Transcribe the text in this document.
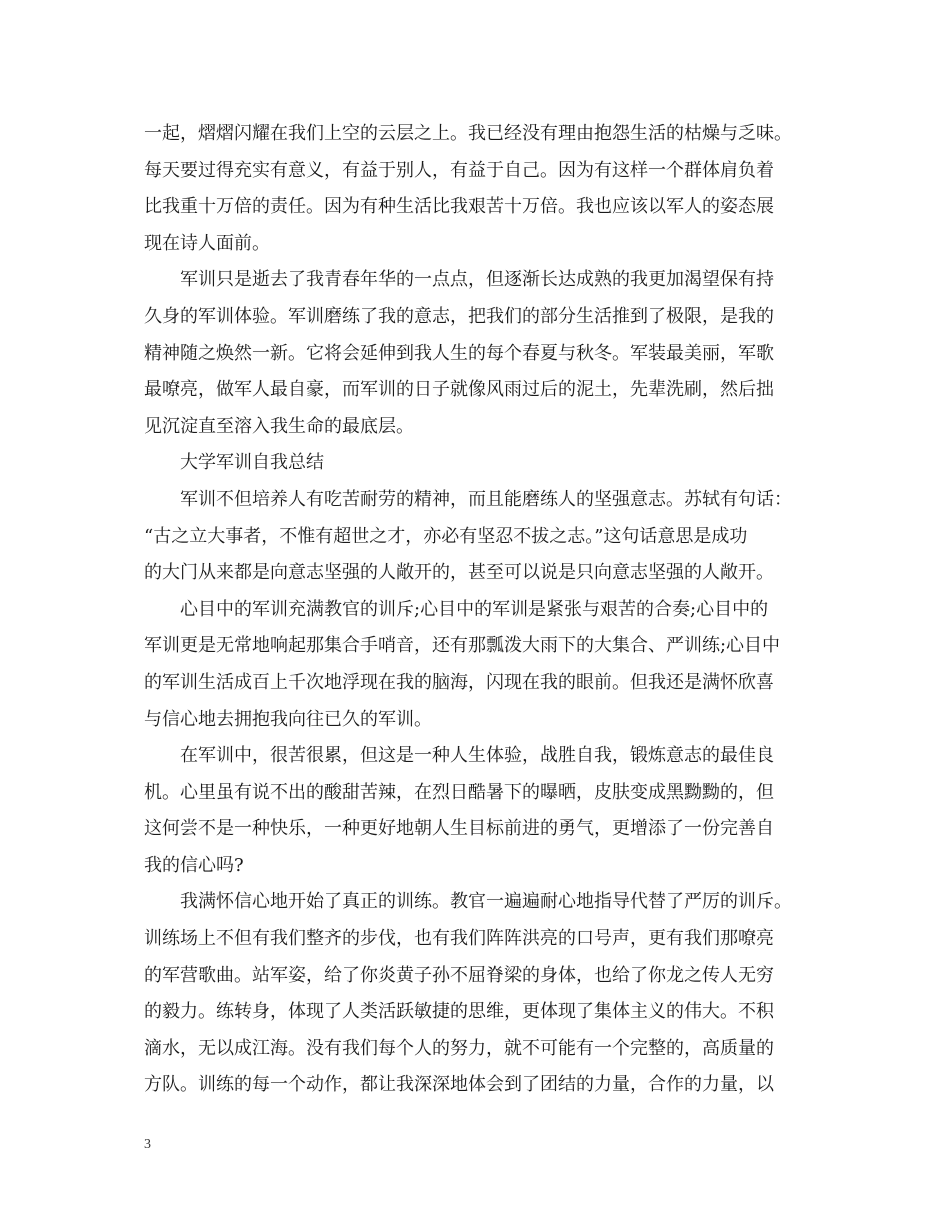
一起，熠熠闪耀在我们上空的云层之上。我已经没有理由抱怨生活的枯燥与乏味。
每天要过得充实有意义，有益于别人，有益于自己。因为有这样一个群体肩负着
比我重十万倍的责任。因为有种生活比我艰苦十万倍。我也应该以军人的姿态展
现在诗人面前。
军训只是逝去了我青春年华的一点点，但逐渐长达成熟的我更加渴望保有持
久身的军训体验。军训磨练了我的意志，把我们的部分生活推到了极限，是我的
精神随之焕然一新。它将会延伸到我人生的每个春夏与秋冬。军装最美丽，军歌
最嘹亮，做军人最自豪，而军训的日子就像风雨过后的泥土，先辈洗刷，然后拙
见沉淀直至溶入我生命的最底层。
大学军训自我总结
军训不但培养人有吃苦耐劳的精神，而且能磨练人的坚强意志。苏轼有句话：
“古之立大事者，不惟有超世之才，亦必有坚忍不拔之志。”这句话意思是成功
的大门从来都是向意志坚强的人敞开的，甚至可以说是只向意志坚强的人敞开。
心目中的军训充满教官的训斥;心目中的军训是紧张与艰苦的合奏;心目中的
军训更是无常地响起那集合手哨音，还有那瓢泼大雨下的大集合、严训练;心目中
的军训生活成百上千次地浮现在我的脑海，闪现在我的眼前。但我还是满怀欣喜
与信心地去拥抱我向往已久的军训。
在军训中，很苦很累，但这是一种人生体验，战胜自我，锻炼意志的最佳良
机。心里虽有说不出的酸甜苦辣，在烈日酷暑下的曝晒，皮肤变成黑黝黝的，但
这何尝不是一种快乐，一种更好地朝人生目标前进的勇气，更增添了一份完善自
我的信心吗?
我满怀信心地开始了真正的训练。教官一遍遍耐心地指导代替了严厉的训斥。
训练场上不但有我们整齐的步伐，也有我们阵阵洪亮的口号声，更有我们那嘹亮
的军营歌曲。站军姿，给了你炎黄子孙不屈脊梁的身体，也给了你龙之传人无穷
的毅力。练转身，体现了人类活跃敏捷的思维，更体现了集体主义的伟大。不积
滴水，无以成江海。没有我们每个人的努力，就不可能有一个完整的，高质量的
方队。训练的每一个动作，都让我深深地体会到了团结的力量，合作的力量，以
3
